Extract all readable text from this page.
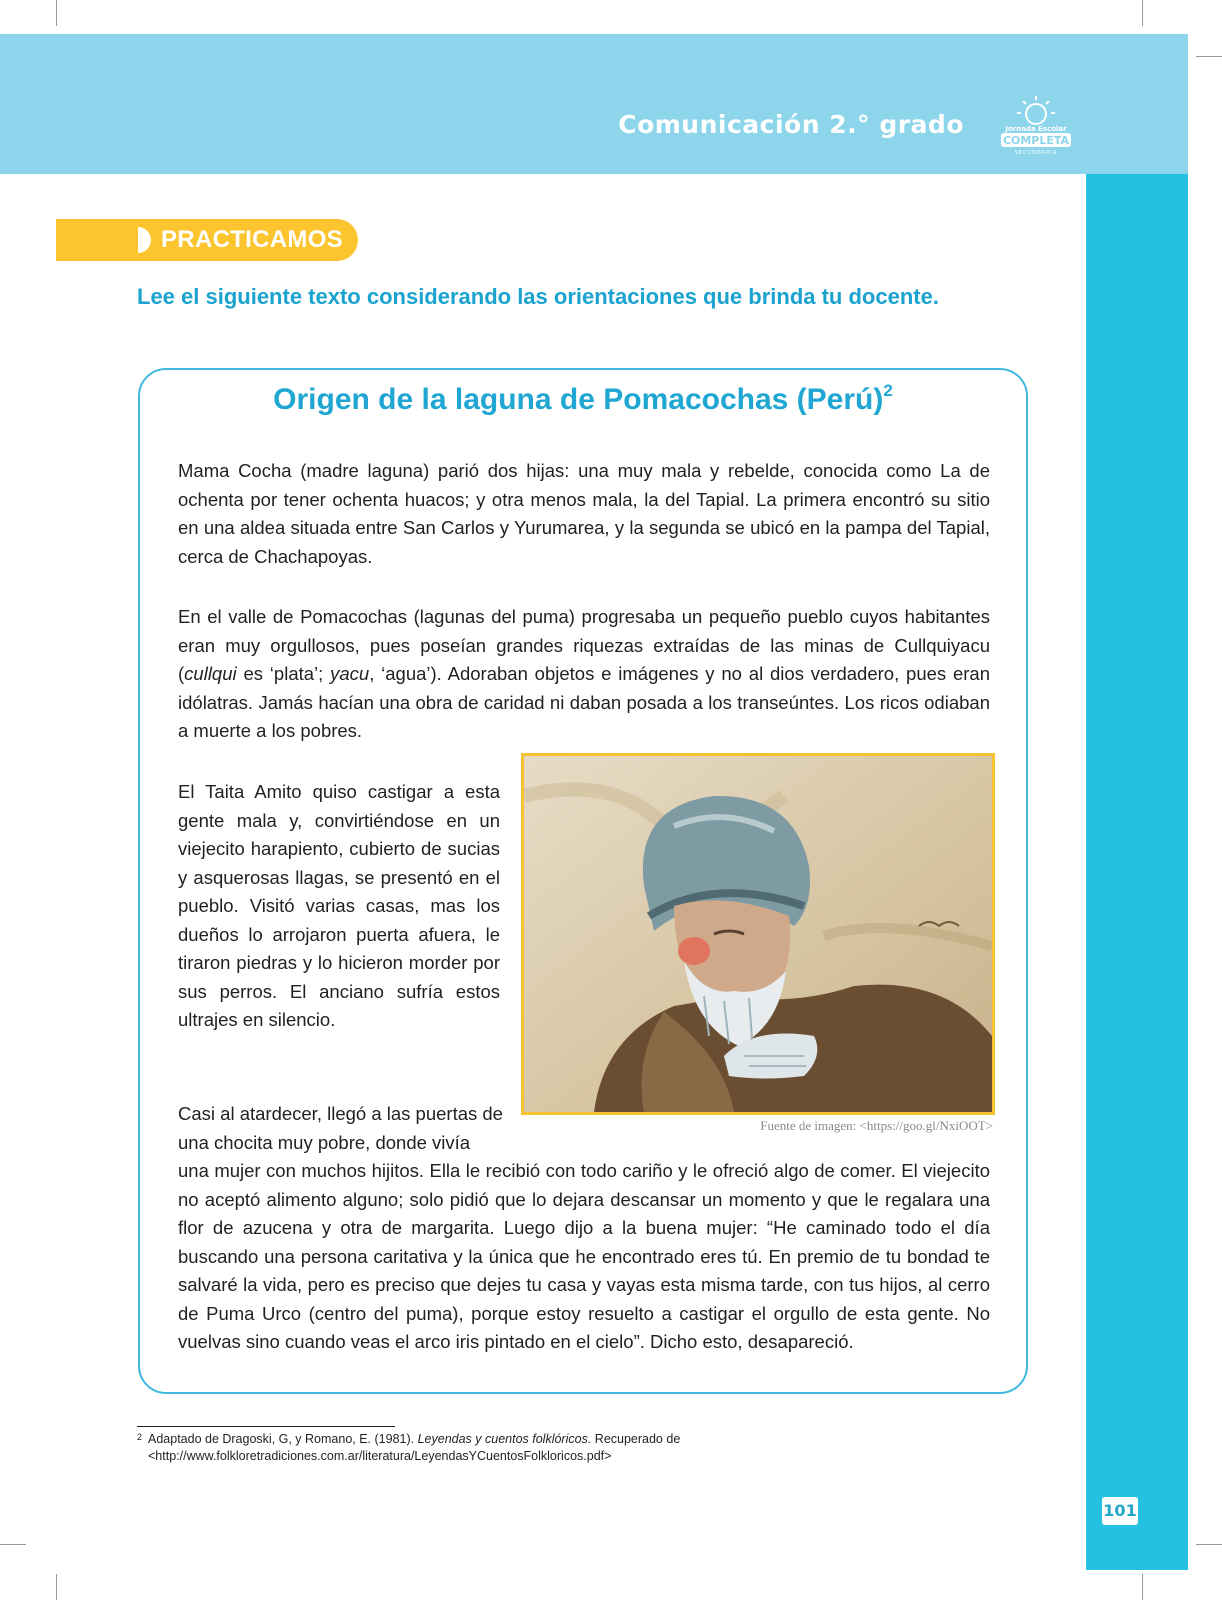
Comunicación 2.° grado	Jornada Escolar
COMPLETA
SECUNDARIA
101
PRACTICAMOS
Lee el siguiente texto considerando las orientaciones que brinda tu docente.
Origen de la laguna de Pomacochas (Perú)$^2$

Mama Cocha (madre laguna) parió dos hijas: una muy mala y rebelde, conocida como La de ochenta por tener ochenta huacos; y otra menos mala, la del Tapial. La primera encontró su sitio en una aldea situada entre San Carlos y Yurumarea, y la segunda se ubicó en la pampa del Tapial, cerca de Chachapoyas.

En el valle de Pomacochas (lagunas del puma) progresaba un pequeño pueblo cuyos habitantes eran muy orgullosos, pues poseían grandes riquezas extraídas de las minas de Cullquiyacu (cullqui es ‘plata’; yacu, ‘agua’). Adoraban objetos e imágenes y no al dios verdadero, pues eran idólatras. Jamás hacían una obra de caridad ni daban posada a los transeúntes. Los ricos odiaban a muerte a los pobres.

El Taita Amito quiso castigar a esta gente mala y, convirtiéndose en un viejecito harapiento, cubierto de sucias y asquerosas llagas, se presentó en el pueblo. Visitó varias casas, mas los dueños lo arrojaron puerta afuera, le tiraron piedras y lo hicieron morder por sus perros. El anciano sufría estos ultrajes en silencio.

Fuente de imagen: <https://goo.gl/NxiOOT>

Casi al atardecer, llegó a las puertas de una chocita muy pobre, donde vivía

una mujer con muchos hijitos. Ella le recibió con todo cariño y le ofreció algo de comer. El viejecito no aceptó alimento alguno; solo pidió que lo dejara descansar un momento y que le regalara una flor de azucena y otra de margarita. Luego dijo a la buena mujer: “He caminado todo el día buscando una persona caritativa y la única que he encontrado eres tú. En premio de tu bondad te salvaré la vida, pero es preciso que dejes tu casa y vayas esta misma tarde, con tus hijos, al cerro de Puma Urco (centro del puma), porque estoy resuelto a castigar el orgullo de esta gente. No vuelvas sino cuando veas el arco iris pintado en el cielo”. Dicho esto, desapareció.

2 Adaptado de Dragoski, G, y Romano, E. (1981). Leyendas y cuentos folklóricos. Recuperado de <http://www.folkloretradiciones.com.ar/literatura/LeyendasYCuentosFolkloricos.pdf>
